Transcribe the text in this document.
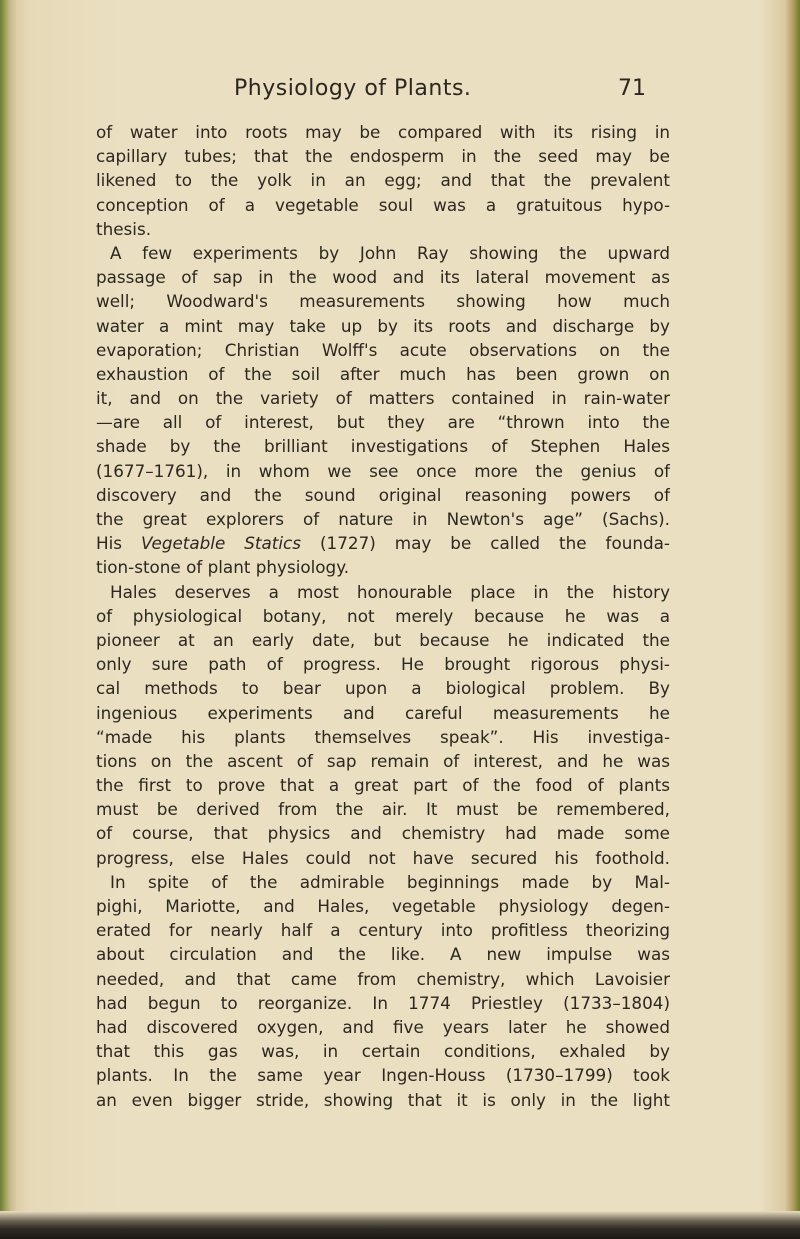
Physiology of Plants.	71
of water into roots may be compared with its rising in
capillary tubes; that the endosperm in the seed may be
likened to the yolk in an egg; and that the prevalent
conception of a vegetable soul was a gratuitous hypo-
thesis.
A few experiments by John Ray showing the upward
passage of sap in the wood and its lateral movement as
well; Woodward's measurements showing how much
water a mint may take up by its roots and discharge by
evaporation; Christian Wolff's acute observations on the
exhaustion of the soil after much has been grown on
it, and on the variety of matters contained in rain-water
—are all of interest, but they are “thrown into the
shade by the brilliant investigations of Stephen Hales
(1677–1761), in whom we see once more the genius of
discovery and the sound original reasoning powers of
the great explorers of nature in Newton's age” (Sachs).
His Vegetable Statics (1727) may be called the founda-
tion-stone of plant physiology.
Hales deserves a most honourable place in the history
of physiological botany, not merely because he was a
pioneer at an early date, but because he indicated the
only sure path of progress. He brought rigorous physi-
cal methods to bear upon a biological problem. By
ingenious experiments and careful measurements he
“made his plants themselves speak”. His investiga-
tions on the ascent of sap remain of interest, and he was
the first to prove that a great part of the food of plants
must be derived from the air. It must be remembered,
of course, that physics and chemistry had made some
progress, else Hales could not have secured his foothold.
In spite of the admirable beginnings made by Mal-
pighi, Mariotte, and Hales, vegetable physiology degen-
erated for nearly half a century into profitless theorizing
about circulation and the like. A new impulse was
needed, and that came from chemistry, which Lavoisier
had begun to reorganize. In 1774 Priestley (1733–1804)
had discovered oxygen, and five years later he showed
that this gas was, in certain conditions, exhaled by
plants. In the same year Ingen-Houss (1730–1799) took
an even bigger stride, showing that it is only in the light
